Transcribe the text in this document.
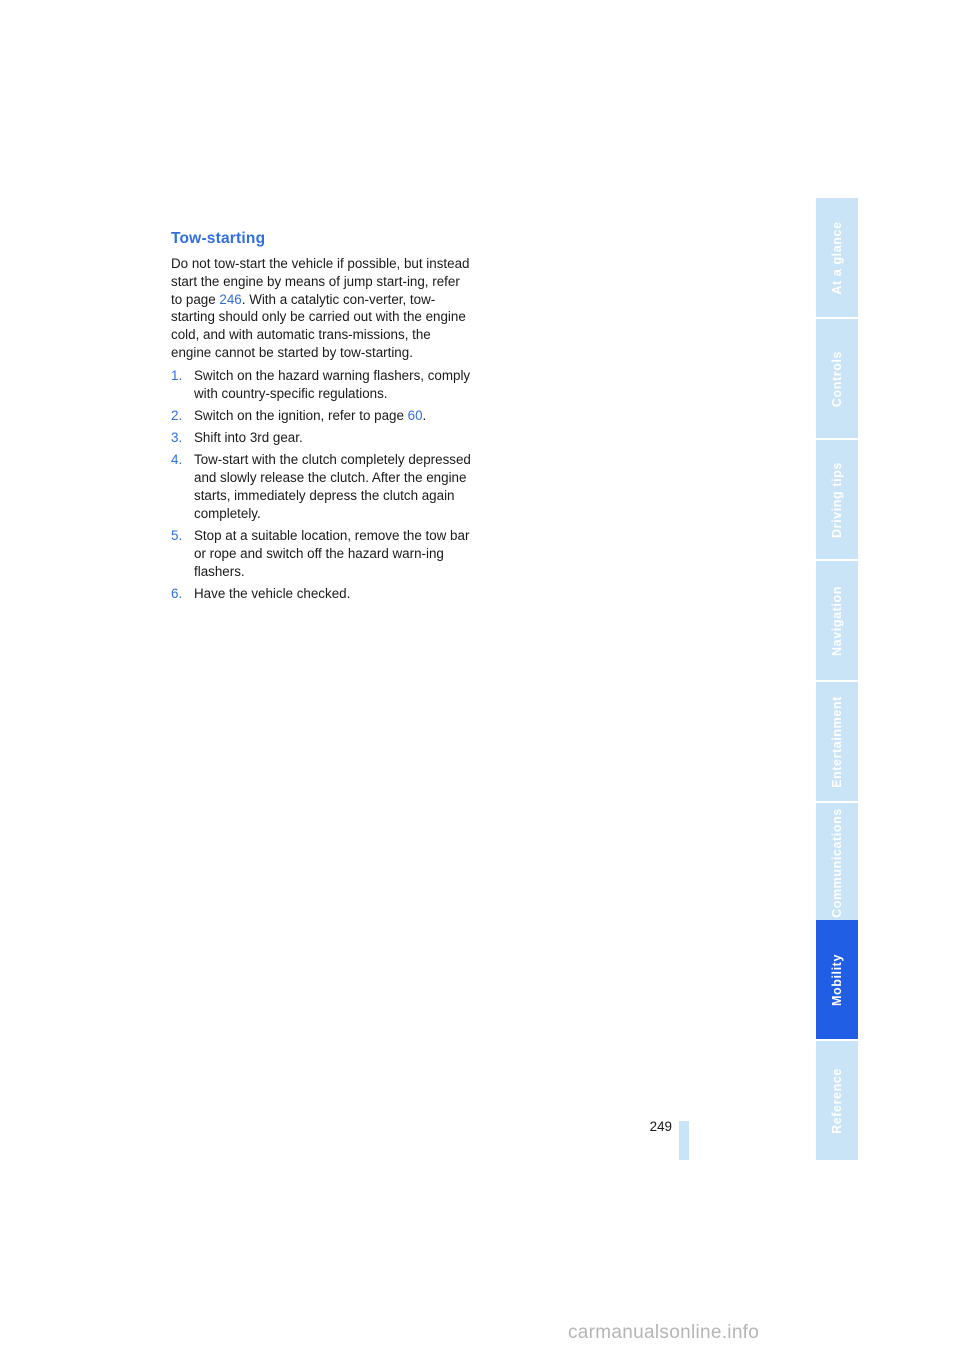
Tow-starting

Do not tow-start the vehicle if possible, but instead start the engine by means of jump start-ing, refer to page 246. With a catalytic con-verter, tow-starting should only be carried out with the engine cold, and with automatic trans-missions, the engine cannot be started by tow-starting.

1. Switch on the hazard warning flashers, comply with country-specific regulations.
2. Switch on the ignition, refer to page 60.
3. Shift into 3rd gear.
4. Tow-start with the clutch completely depressed and slowly release the clutch. After the engine starts, immediately depress the clutch again completely.
5. Stop at a suitable location, remove the tow bar or rope and switch off the hazard warn-ing flashers.
6. Have the vehicle checked.
At a glance
Controls
Driving tips
Navigation
Entertainment
Communications
Mobility
Reference
249
carmanualsonline.info
